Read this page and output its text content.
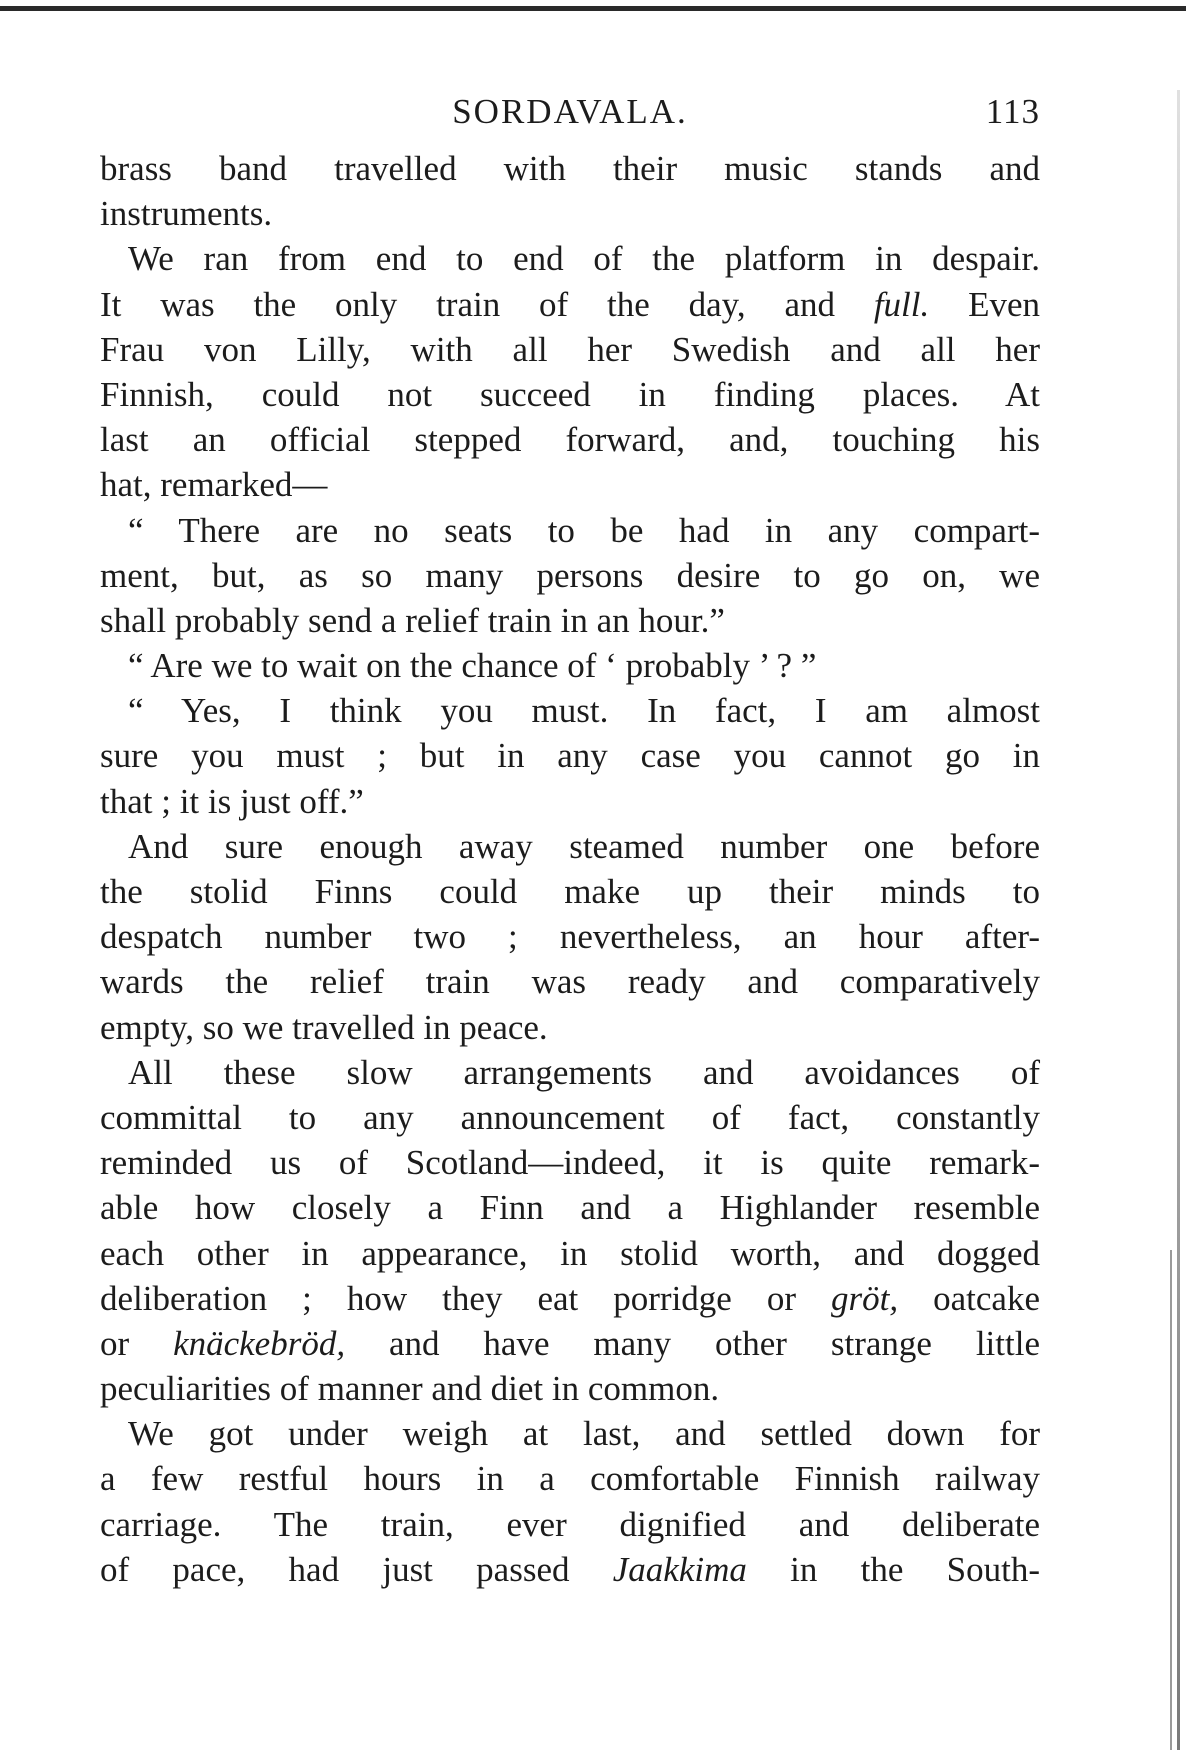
SORDAVALA.	113
brass band travelled with their music stands and
instruments.
We ran from end to end of the platform in despair.
It was the only train of the day, and full. Even
Frau von Lilly, with all her Swedish and all her
Finnish, could not succeed in finding places. At
last an official stepped forward, and, touching his
hat, remarked—
“ There are no seats to be had in any compart-
ment, but, as so many persons desire to go on, we
shall probably send a relief train in an hour.”
“ Are we to wait on the chance of ‘ probably ’ ? ”
“ Yes, I think you must. In fact, I am almost
sure you must ; but in any case you cannot go in
that ; it is just off.”
And sure enough away steamed number one before
the stolid Finns could make up their minds to
despatch number two ; nevertheless, an hour after-
wards the relief train was ready and comparatively
empty, so we travelled in peace.
All these slow arrangements and avoidances of
committal to any announcement of fact, constantly
reminded us of Scotland—indeed, it is quite remark-
able how closely a Finn and a Highlander resemble
each other in appearance, in stolid worth, and dogged
deliberation ; how they eat porridge or gröt, oatcake
or knäckebröd, and have many other strange little
peculiarities of manner and diet in common.
We got under weigh at last, and settled down for
a few restful hours in a comfortable Finnish railway
carriage. The train, ever dignified and deliberate
of pace, had just passed Jaakkima in the South-
